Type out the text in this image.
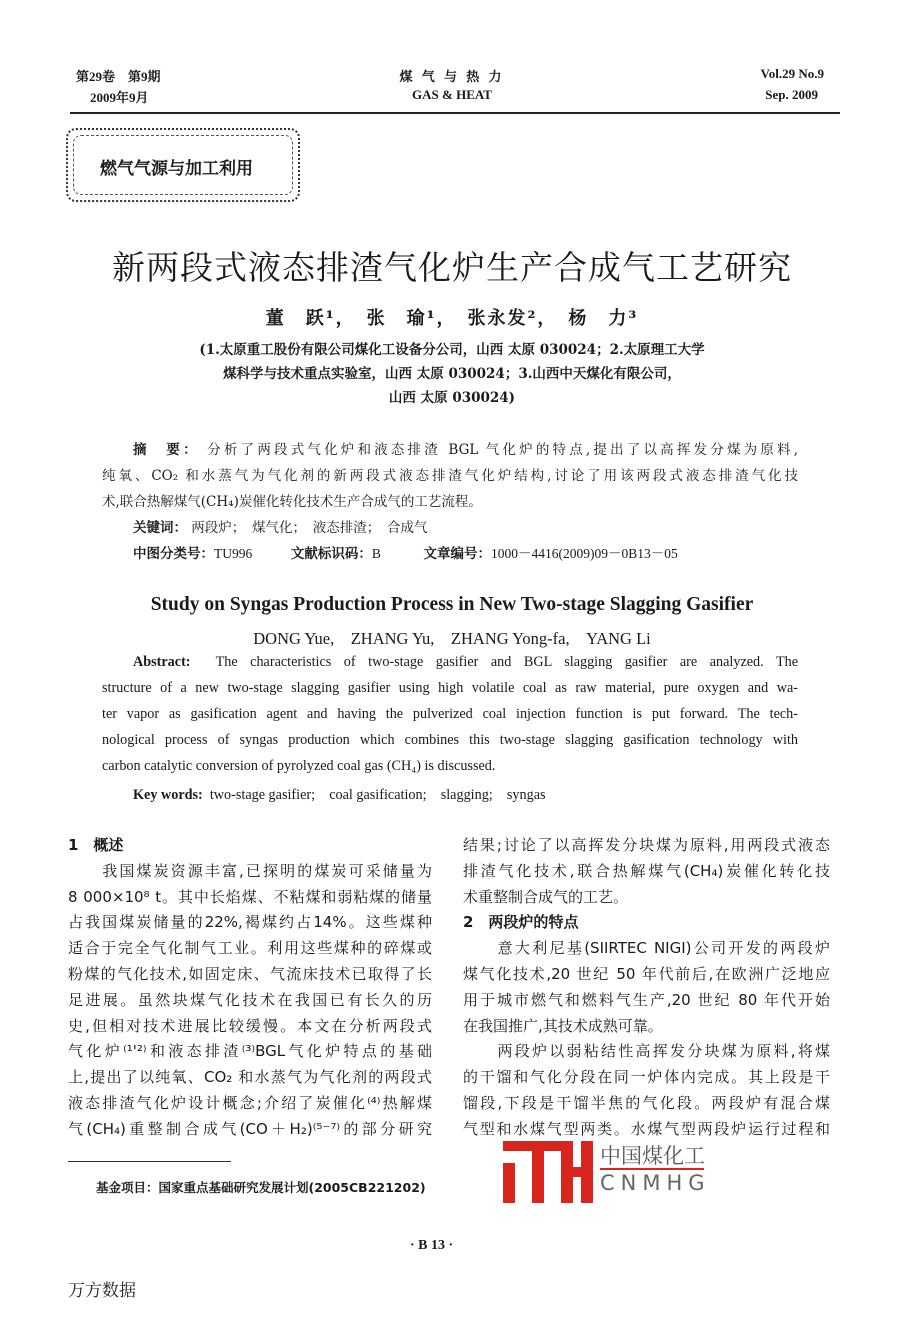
第29卷　第9期
2009年9月
煤 气 与 热 力
GAS & HEAT
Vol.29 No.9
Sep. 2009
燃气气源与加工利用
新两段式液态排渣气化炉生产合成气工艺研究
董　跃¹，　张　瑜¹，　张永发²，　杨　力³
(1.太原重工股份有限公司煤化工设备分公司，山西 太原 030024；2.太原理工大学
煤科学与技术重点实验室，山西 太原 030024；3.山西中天煤化有限公司，
山西 太原 030024)
摘　要： 分析了两段式气化炉和液态排渣 BGL 气化炉的特点,提出了以高挥发分煤为原料,
纯氧、CO₂ 和水蒸气为气化剂的新两段式液态排渣气化炉结构,讨论了用该两段式液态排渣气化技
术,联合热解煤气(CH₄)炭催化转化技术生产合成气的工艺流程。
关键词： 两段炉；　煤气化；　液态排渣；　合成气
中图分类号：TU996	文献标识码：B	文章编号：1000－4416(2009)09－0B13－05
Study on Syngas Production Process in New Two-stage Slagging Gasifier
DONG Yue,　ZHANG Yu,　ZHANG Yong-fa,　YANG Li
Abstract: The characteristics of two-stage gasifier and BGL slagging gasifier are analyzed. The
structure of a new two-stage slagging gasifier using high volatile coal as raw material, pure oxygen and wa-
ter vapor as gasification agent and having the pulverized coal injection function is put forward. The tech-
nological process of syngas production which combines this two-stage slagging gasification technology with
carbon catalytic conversion of pyrolyzed coal gas (CH₄) is discussed.
Key words: two-stage gasifier;　coal gasification;　slagging;　syngas
1　概述
　　我国煤炭资源丰富,已探明的煤炭可采储量为
8 000×10⁸ t。其中长焰煤、不粘煤和弱粘煤的储量
占我国煤炭储量的22%,褐煤约占14%。这些煤种
适合于完全气化制气工业。利用这些煤种的碎煤或
粉煤的气化技术,如固定床、气流床技术已取得了长
足进展。虽然块煤气化技术在我国已有长久的历
史,但相对技术进展比较缓慢。本文在分析两段式
气化炉⁽¹'²⁾和液态排渣⁽³⁾BGL气化炉特点的基础
上,提出了以纯氧、CO₂ 和水蒸气为气化剂的两段式
液态排渣气化炉设计概念;介绍了炭催化⁽⁴⁾热解煤
气(CH₄)重整制合成气(CO＋H₂)⁽⁵⁻⁷⁾的部分研究
结果;讨论了以高挥发分块煤为原料,用两段式液态
排渣气化技术,联合热解煤气(CH₄)炭催化转化技
术重整制合成气的工艺。
2　两段炉的特点
　　意大利尼基(SIIRTEC NIGI)公司开发的两段炉
煤气化技术,20 世纪 50 年代前后,在欧洲广泛地应
用于城市燃气和燃料气生产,20 世纪 80 年代开始
在我国推广,其技术成熟可靠。
　　两段炉以弱粘结性高挥发分块煤为原料,将煤
的干馏和气化分段在同一炉体内完成。其上段是干
馏段,下段是干馏半焦的气化段。两段炉有混合煤
气型和水煤气型两类。水煤气型两段炉运行过程和
中国煤化工
CNMHG
基金项目：国家重点基础研究发展计划(2005CB221202)
· B 13 ·
万方数据
